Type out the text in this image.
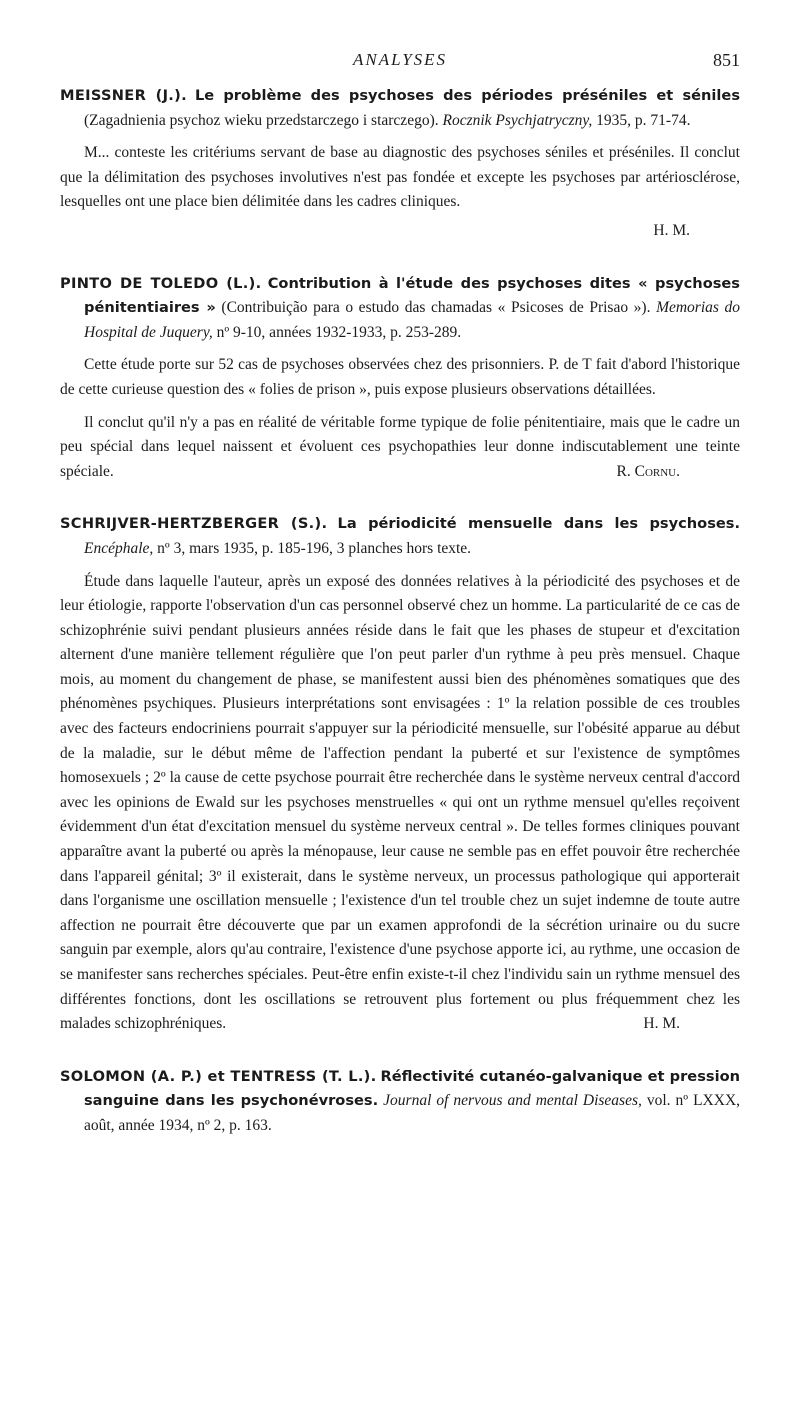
ANALYSES	851

MEISSNER (J.). Le problème des psychoses des périodes préséniles et séniles (Zagadnienia psychoz wieku przedstarczego i starczego). Rocznik Psychjatryczny, 1935, p. 71-74.

M... conteste les critériums servant de base au diagnostic des psychoses séniles et préséniles. Il conclut que la délimitation des psychoses involutives n'est pas fondée et excepte les psychoses par artériosclérose, lesquelles ont une place bien délimitée dans les cadres cliniques.

H. M.

PINTO DE TOLEDO (L.). Contribution à l'étude des psychoses dites « psychoses pénitentiaires » (Contribuição para o estudo das chamadas « Psicoses de Prisao »). Memorias do Hospital de Juquery, nº 9-10, années 1932-1933, p. 253-289.

Cette étude porte sur 52 cas de psychoses observées chez des prisonniers. P. de T fait d'abord l'historique de cette curieuse question des « folies de prison », puis expose plusieurs observations détaillées.

Il conclut qu'il n'y a pas en réalité de véritable forme typique de folie pénitentiaire, mais que le cadre un peu spécial dans lequel naissent et évoluent ces psychopathies leur donne indiscutablement une teinte spéciale.	R. Cornu.

SCHRIJVER-HERTZBERGER (S.). La périodicité mensuelle dans les psychoses. Encéphale, nº 3, mars 1935, p. 185-196, 3 planches hors texte.

Étude dans laquelle l'auteur, après un exposé des données relatives à la périodicité des psychoses et de leur étiologie, rapporte l'observation d'un cas personnel observé chez un homme. La particularité de ce cas de schizophrénie suivi pendant plusieurs années réside dans le fait que les phases de stupeur et d'excitation alternent d'une manière tellement régulière que l'on peut parler d'un rythme à peu près mensuel. Chaque mois, au moment du changement de phase, se manifestent aussi bien des phénomènes somatiques que des phénomènes psychiques. Plusieurs interprétations sont envisagées : 1º la relation possible de ces troubles avec des facteurs endocriniens pourrait s'appuyer sur la périodicité mensuelle, sur l'obésité apparue au début de la maladie, sur le début même de l'affection pendant la puberté et sur l'existence de symptômes homosexuels ; 2º la cause de cette psychose pourrait être recherchée dans le système nerveux central d'accord avec les opinions de Ewald sur les psychoses menstruelles « qui ont un rythme mensuel qu'elles reçoivent évidemment d'un état d'excitation mensuel du système nerveux central ». De telles formes cliniques pouvant apparaître avant la puberté ou après la ménopause, leur cause ne semble pas en effet pouvoir être recherchée dans l'appareil génital; 3º il existerait, dans le système nerveux, un processus pathologique qui apporterait dans l'organisme une oscillation mensuelle ; l'existence d'un tel trouble chez un sujet indemne de toute autre affection ne pourrait être découverte que par un examen approfondi de la sécrétion urinaire ou du sucre sanguin par exemple, alors qu'au contraire, l'existence d'une psychose apporte ici, au rythme, une occasion de se manifester sans recherches spéciales. Peut-être enfin existe-t-il chez l'individu sain un rythme mensuel des différentes fonctions, dont les oscillations se retrouvent plus fortement ou plus fréquemment chez les malades schizophréniques.	H. M.

SOLOMON (A. P.) et TENTRESS (T. L.). Réflectivité cutanéo-galvanique et pression sanguine dans les psychonévroses. Journal of nervous and mental Diseases, vol. nº LXXX, août, année 1934, nº 2, p. 163.
